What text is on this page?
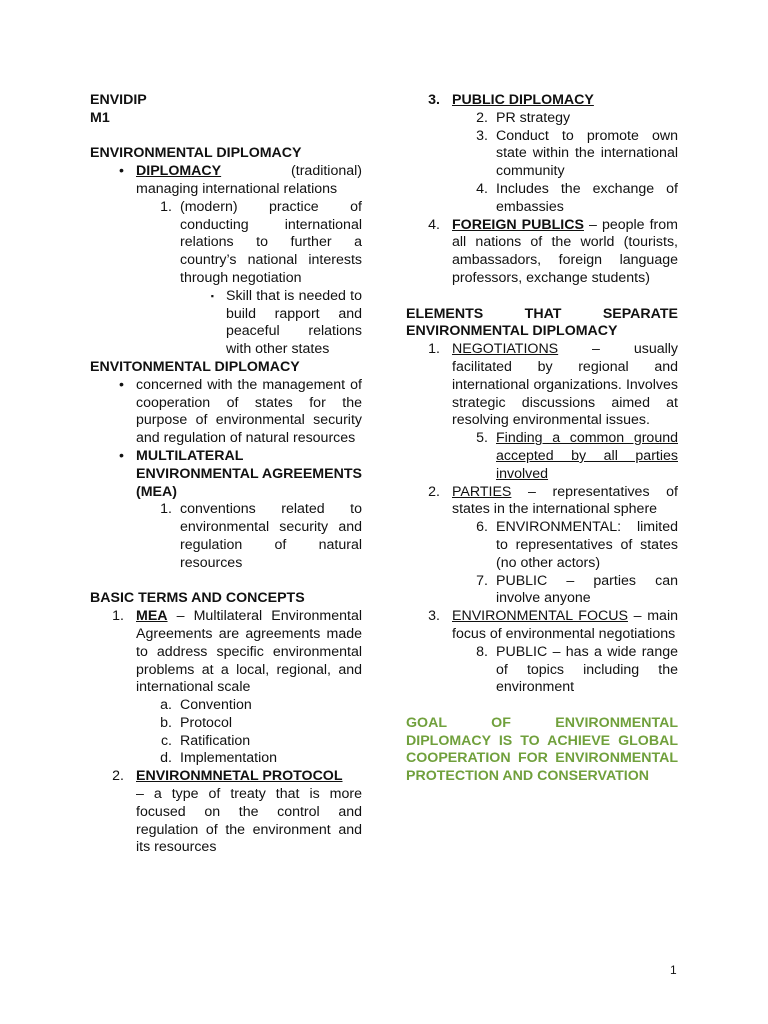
ENVIDIP

M1

ENVIRONMENTAL DIPLOMACY

• DIPLOMACY	(traditional)

managing international relations

1. (modern) practice of conducting international relations to further a country’s national interests through negotiation
▪ Skill that is needed to build rapport and peaceful relations with other states

ENVITONMENTAL DIPLOMACY

• concerned with the management of cooperation of states for the purpose of environmental security and regulation of natural resources
• MULTILATERAL ENVIRONMENTAL AGREEMENTS (MEA)
1. conventions related to environmental security and regulation of natural resources

BASIC TERMS AND CONCEPTS

1. MEA – Multilateral Environmental Agreements are agreements made to address specific environmental problems at a local, regional, and international scale
a. Convention
b. Protocol
c. Ratification
d. Implementation
2. ENVIRONMNETAL PROTOCOL

– a type of treaty that is more focused on the control and regulation of the environment and its resources

3. PUBLIC DIPLOMACY
2. PR strategy
3. Conduct to promote own state within the international community
4. Includes the exchange of embassies
4. FOREIGN PUBLICS – people from all nations of the world (tourists, ambassadors, foreign language professors, exchange students)

ELEMENTS THAT SEPARATE ENVIRONMENTAL DIPLOMACY

1. NEGOTIATIONS – usually facilitated by regional and international organizations. Involves strategic discussions aimed at resolving environmental issues.
5. Finding a common ground accepted by all parties involved
2. PARTIES – representatives of states in the international sphere
6. ENVIRONMENTAL: limited to representatives of states (no other actors)
7. PUBLIC – parties can involve anyone
3. ENVIRONMENTAL FOCUS – main focus of environmental negotiations
8. PUBLIC – has a wide range of topics including the environment

GOAL OF ENVIRONMENTAL DIPLOMACY IS TO ACHIEVE GLOBAL COOPERATION FOR ENVIRONMENTAL PROTECTION AND CONSERVATION

1
